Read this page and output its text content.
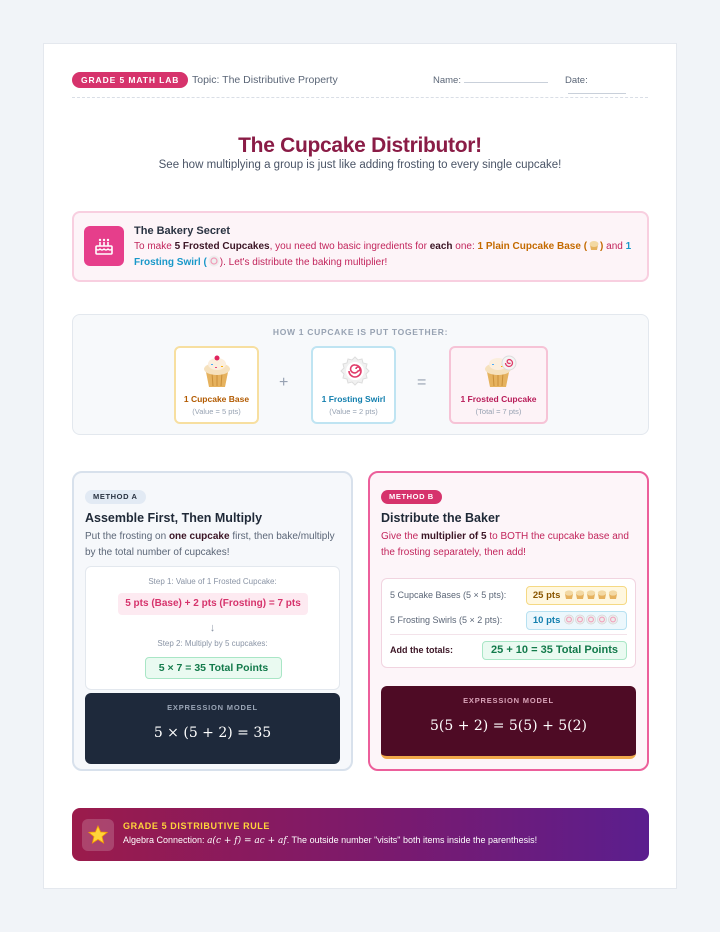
GRADE 5 MATH LAB	Topic: The Distributive Property	Name:	Date:
The Cupcake Distributor!
See how multiplying a group is just like adding frosting to every single cupcake!
The Bakery Secret
To make 5 Frosted Cupcakes, you need two basic ingredients for each one: 1 Plain Cupcake Base ( ) and 1 Frosting Swirl ( ). Let's distribute the baking multiplier!
HOW 1 CUPCAKE IS PUT TOGETHER:
1 Cupcake Base
(Value = 5 pts)
+
1 Frosting Swirl
(Value = 2 pts)
=
1 Frosted Cupcake
(Total = 7 pts)
METHOD A
Assemble First, Then Multiply
Put the frosting on one cupcake first, then bake/multiply by the total number of cupcakes!
Step 1: Value of 1 Frosted Cupcake:
5 pts (Base) + 2 pts (Frosting) = 7 pts
↓
Step 2: Multiply by 5 cupcakes:
5 × 7 = 35 Total Points
EXPRESSION MODEL
5 × (5 + 2) = 35
METHOD B
Distribute the Baker
Give the multiplier of 5 to BOTH the cupcake base and the frosting separately, then add!
5 Cupcake Bases (5 × 5 pts):	25 pts
5 Frosting Swirls (5 × 2 pts):	10 pts
Add the totals:	25 + 10 = 35 Total Points
EXPRESSION MODEL
5(5 + 2) = 5(5) + 5(2)
GRADE 5 DISTRIBUTIVE RULE
Algebra Connection: a(c + f) = ac + af. The outside number "visits" both items inside the parenthesis!
